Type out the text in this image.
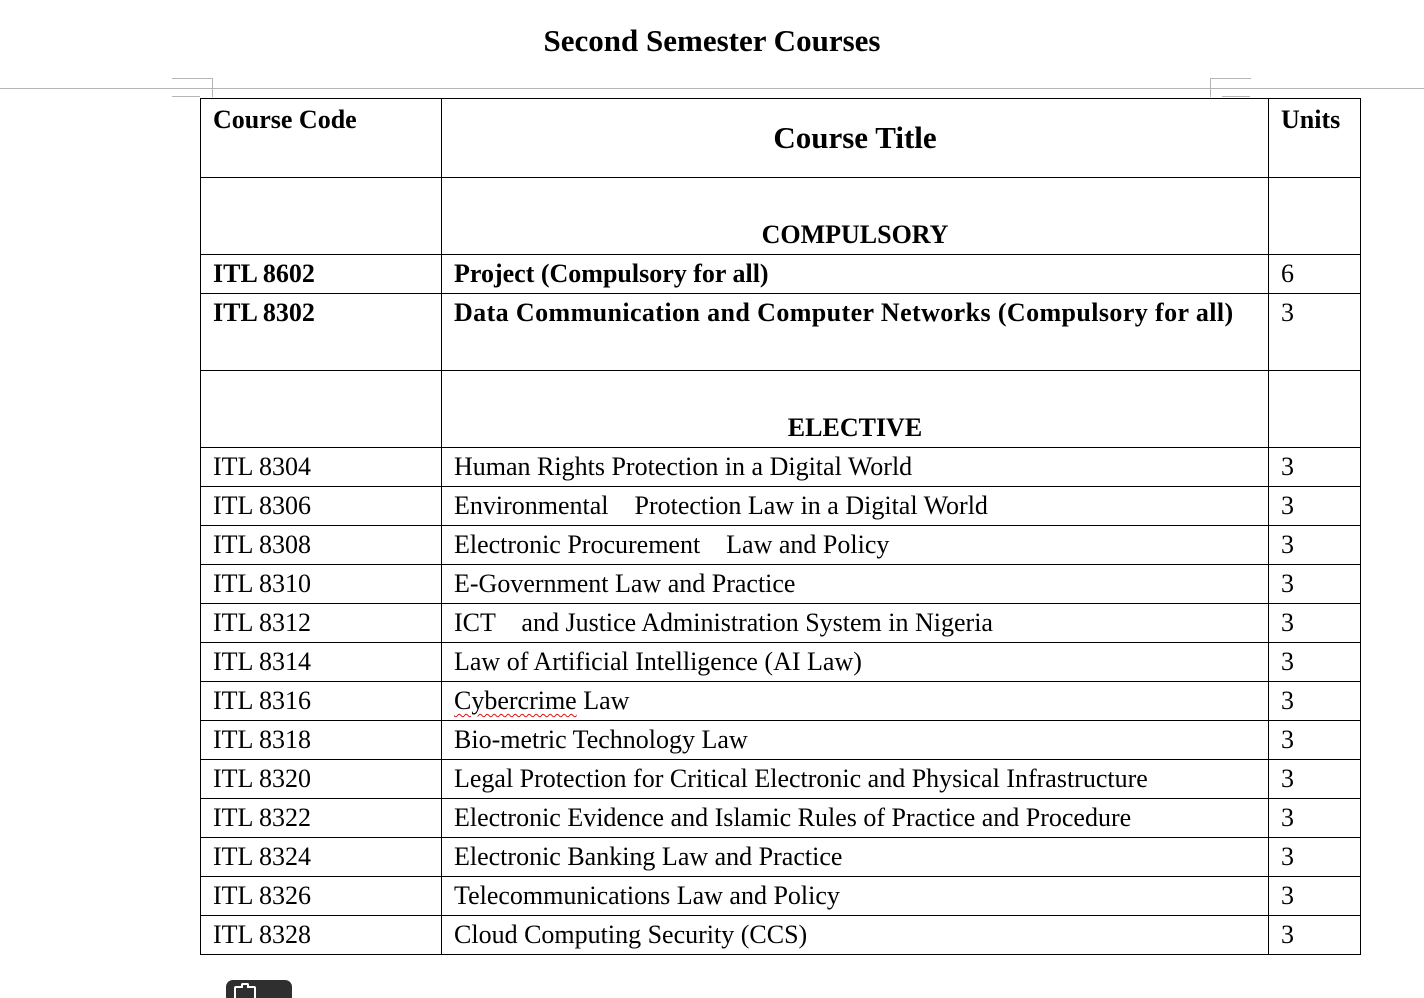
Second Semester Courses
Course Code	Course Title	Units
	COMPULSORY	
ITL 8602	Project (Compulsory for all)	6
ITL 8302	Data Communication and Computer Networks (Compulsory for all)	3
	ELECTIVE	
ITL 8304	Human Rights Protection in a Digital World	3
ITL 8306	Environmental    Protection Law in a Digital World	3
ITL 8308	Electronic Procurement    Law and Policy	3
ITL 8310	E-Government Law and Practice	3
ITL 8312	ICT    and Justice Administration System in Nigeria	3
ITL 8314	Law of Artificial Intelligence (AI Law)	3
ITL 8316	Cybercrime Law	3
ITL 8318	Bio-metric Technology Law	3
ITL 8320	Legal Protection for Critical Electronic and Physical Infrastructure	3
ITL 8322	Electronic Evidence and Islamic Rules of Practice and Procedure	3
ITL 8324	Electronic Banking Law and Practice	3
ITL 8326	Telecommunications Law and Policy	3
ITL 8328	Cloud Computing Security (CCS)	3
